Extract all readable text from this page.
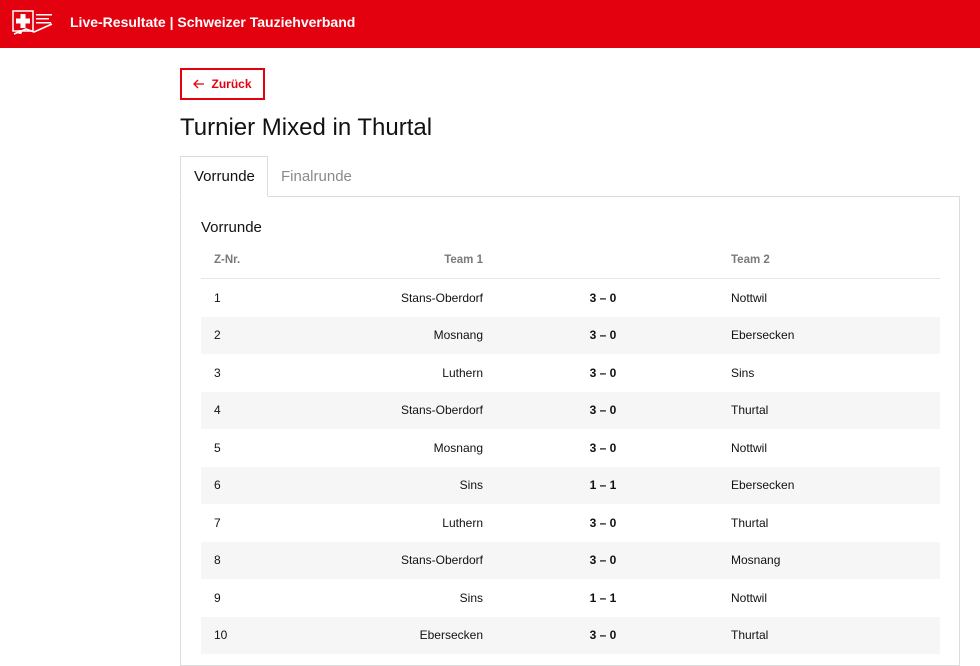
Live-Resultate | Schweizer Tauziehverband
Zurück
Turnier Mixed in Thurtal
Vorrunde	Finalrunde
Vorrunde
Z-Nr.	Team 1		Team 2
1	Stans-Oberdorf	3 – 0	Nottwil
2	Mosnang	3 – 0	Ebersecken
3	Luthern	3 – 0	Sins
4	Stans-Oberdorf	3 – 0	Thurtal
5	Mosnang	3 – 0	Nottwil
6	Sins	1 – 1	Ebersecken
7	Luthern	3 – 0	Thurtal
8	Stans-Oberdorf	3 – 0	Mosnang
9	Sins	1 – 1	Nottwil
10	Ebersecken	3 – 0	Thurtal
